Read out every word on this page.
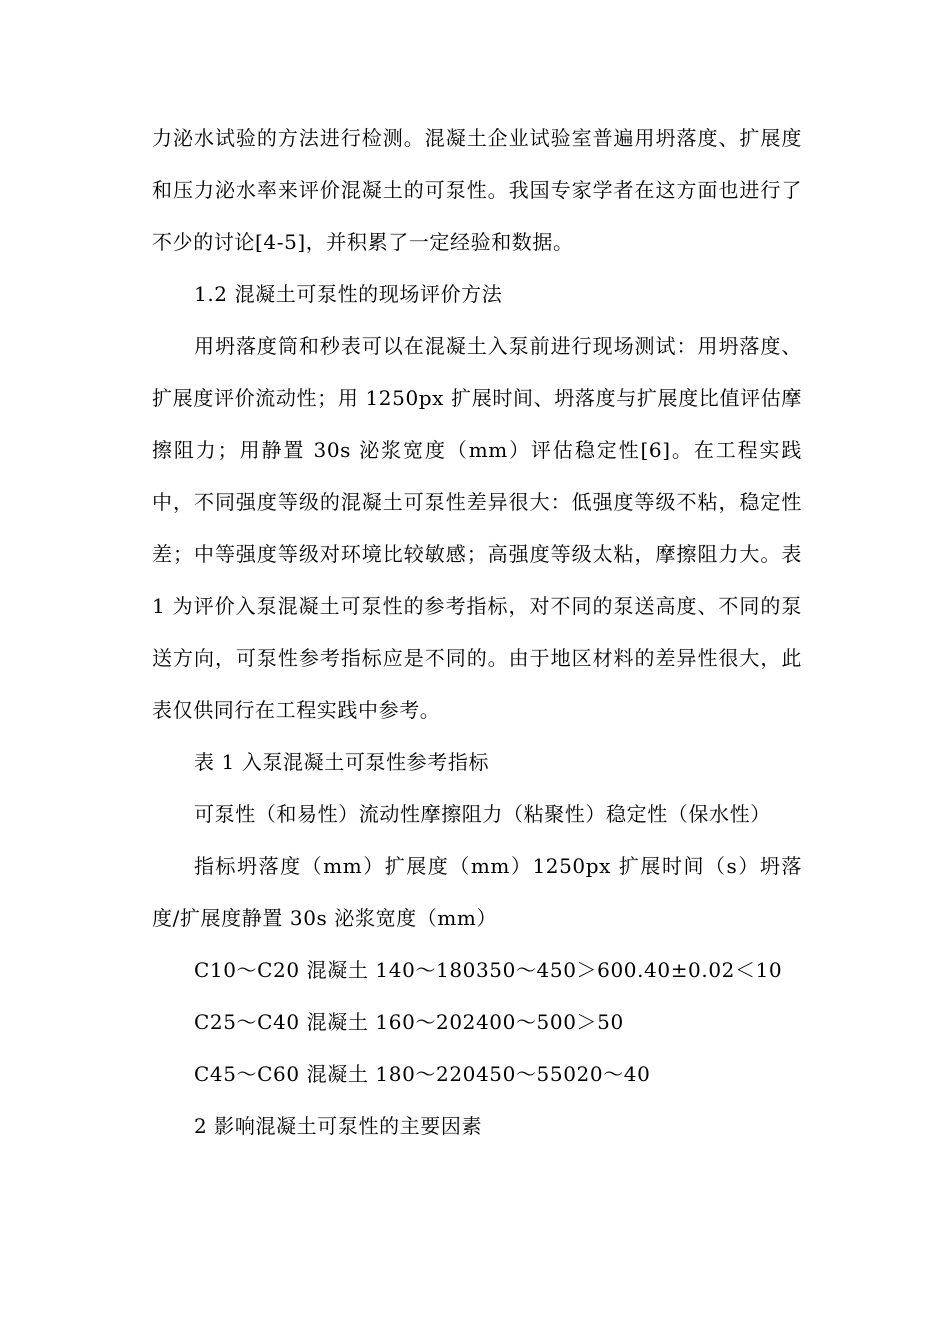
力泌水试验的方法进行检测。混凝土企业试验室普遍用坍落度、扩展度和压力泌水率来评价混凝土的可泵性。我国专家学者在这方面也进行了不少的讨论[4-5]，并积累了一定经验和数据。

1.2 混凝土可泵性的现场评价方法

用坍落度筒和秒表可以在混凝土入泵前进行现场测试：用坍落度、扩展度评价流动性；用 1250px 扩展时间、坍落度与扩展度比值评估摩擦阻力；用静置 30s 泌浆宽度（mm）评估稳定性[6]。在工程实践中，不同强度等级的混凝土可泵性差异很大：低强度等级不粘，稳定性差；中等强度等级对环境比较敏感；高强度等级太粘，摩擦阻力大。表 1 为评价入泵混凝土可泵性的参考指标，对不同的泵送高度、不同的泵送方向，可泵性参考指标应是不同的。由于地区材料的差异性很大，此表仅供同行在工程实践中参考。

表 1 入泵混凝土可泵性参考指标

可泵性（和易性）流动性摩擦阻力（粘聚性）稳定性（保水性）

指标坍落度（mm）扩展度（mm）1250px 扩展时间（s）坍落度/扩展度静置 30s 泌浆宽度（mm）

C10～C20 混凝土 140～180350～450＞600.40±0.02＜10

C25～C40 混凝土 160～202400～500＞50

C45～C60 混凝土 180～220450～55020～40

2 影响混凝土可泵性的主要因素
